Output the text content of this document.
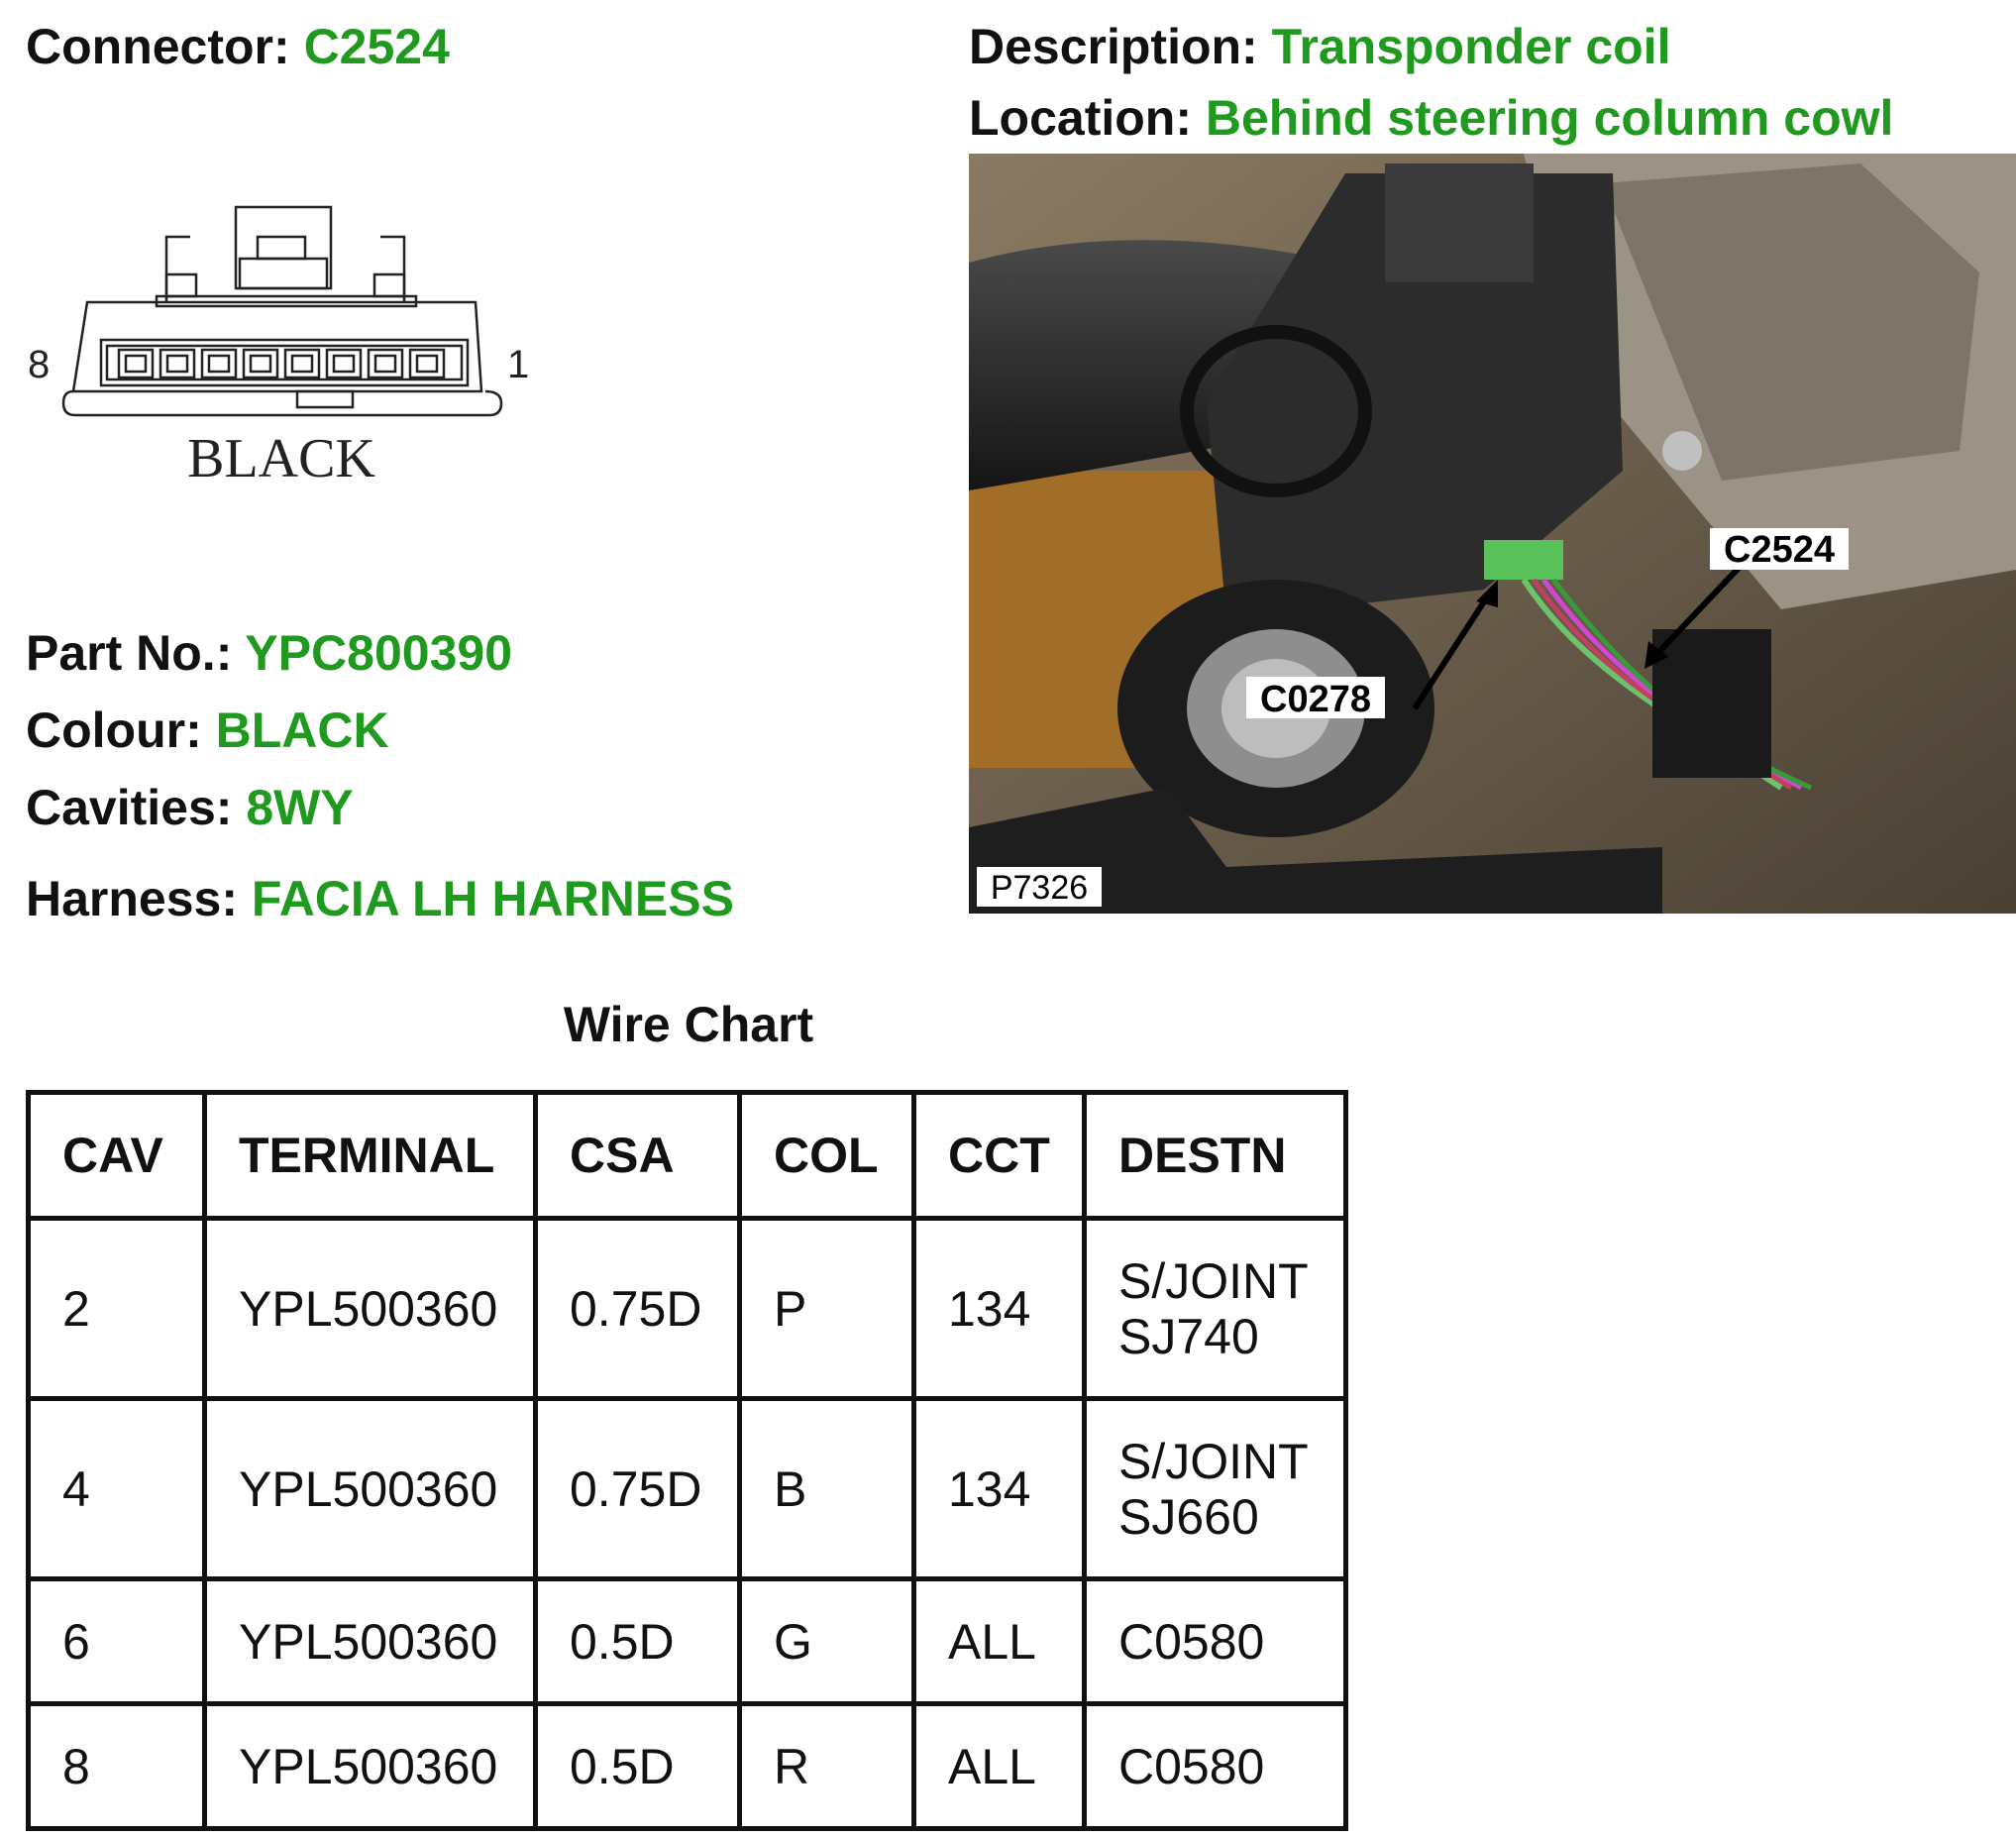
Connector: C2524	Description: Transponder coil
Location: Behind steering column cowl
8	1
BLACK
C2524
C0278
P7326
Part No.: YPC800390
Colour: BLACK
Cavities: 8WY
Harness: FACIA LH HARNESS
Wire Chart
CAV	TERMINAL	CSA	COL	CCT	DESTN
2	YPL500360	0.75D	P	134	S/JOINT
SJ740
4	YPL500360	0.75D	B	134	S/JOINT
SJ660
6	YPL500360	0.5D	G	ALL	C0580
8	YPL500360	0.5D	R	ALL	C0580
